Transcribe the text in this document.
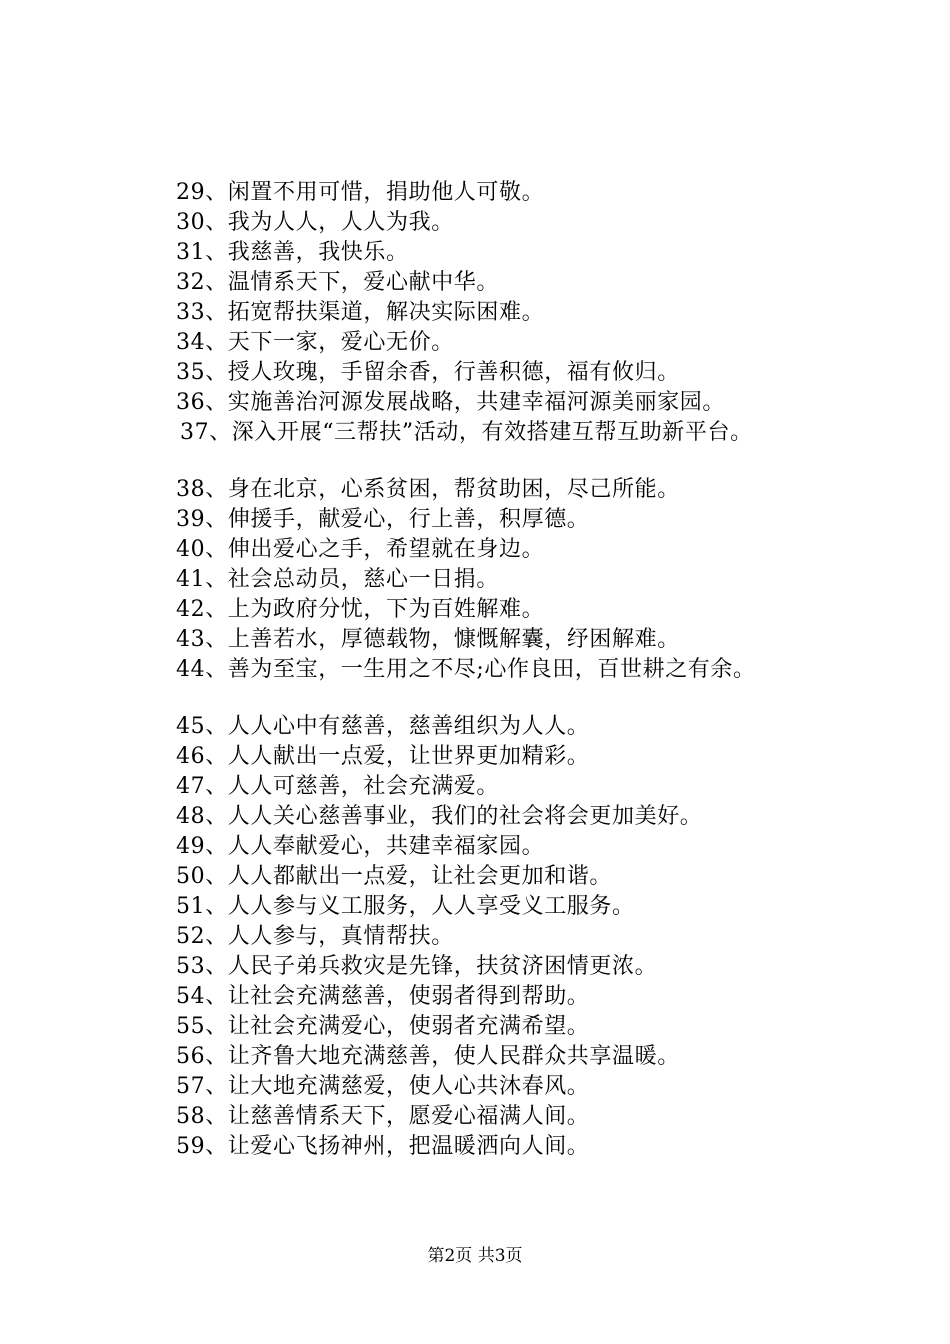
29、闲置不用可惜，捐助他人可敬。
30、我为人人，人人为我。
31、我慈善，我快乐。
32、温情系天下，爱心献中华。
33、拓宽帮扶渠道，解决实际困难。
34、天下一家，爱心无价。
35、授人玫瑰，手留余香，行善积德，福有攸归。
36、实施善治河源发展战略，共建幸福河源美丽家园。
37、深入开展“三帮扶”活动，有效搭建互帮互助新平台。
38、身在北京，心系贫困，帮贫助困，尽己所能。
39、伸援手，献爱心，行上善，积厚德。
40、伸出爱心之手，希望就在身边。
41、社会总动员，慈心一日捐。
42、上为政府分忧，下为百姓解难。
43、上善若水，厚德载物，慷慨解囊，纾困解难。
44、善为至宝，一生用之不尽;心作良田，百世耕之有余。
45、人人心中有慈善，慈善组织为人人。
46、人人献出一点爱，让世界更加精彩。
47、人人可慈善，社会充满爱。
48、人人关心慈善事业，我们的社会将会更加美好。
49、人人奉献爱心，共建幸福家园。
50、人人都献出一点爱，让社会更加和谐。
51、人人参与义工服务，人人享受义工服务。
52、人人参与，真情帮扶。
53、人民子弟兵救灾是先锋，扶贫济困情更浓。
54、让社会充满慈善，使弱者得到帮助。
55、让社会充满爱心，使弱者充满希望。
56、让齐鲁大地充满慈善，使人民群众共享温暖。
57、让大地充满慈爱，使人心共沐春风。
58、让慈善情系天下，愿爱心福满人间。
59、让爱心飞扬神州，把温暖洒向人间。
第2页 共3页
